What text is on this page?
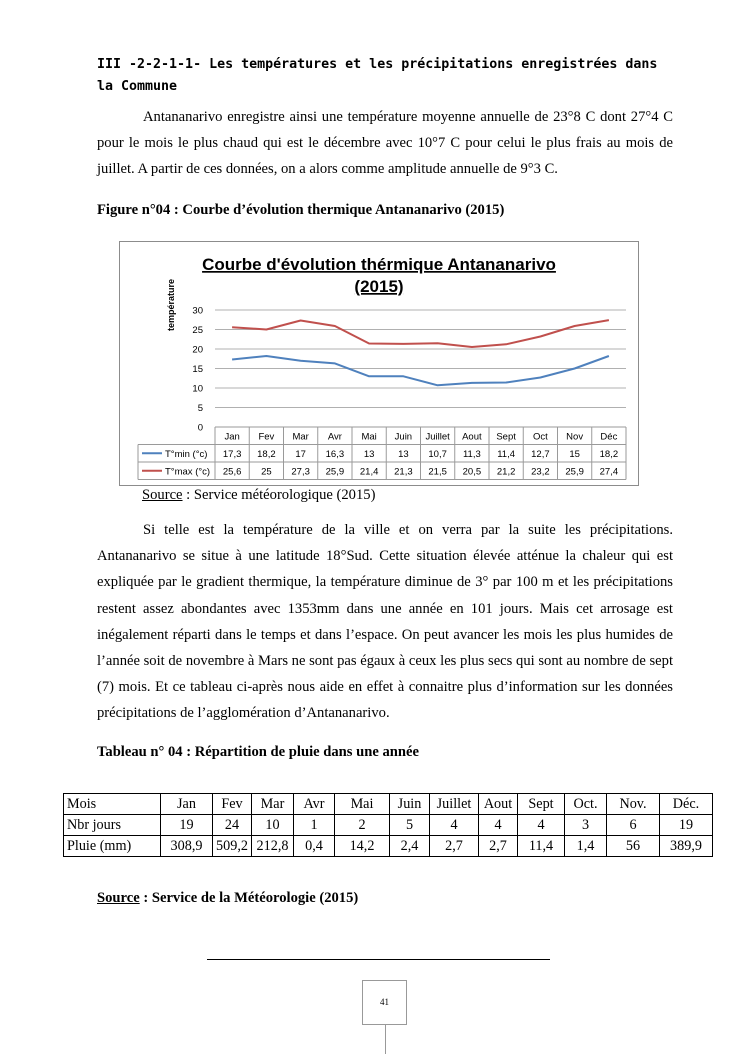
III -2-2-1-1- Les températures et les précipitations enregistrées dans la Commune
Antananarivo enregistre ainsi une température moyenne annuelle de 23°8 C dont 27°4 C pour le mois le plus chaud qui est le décembre avec 10°7 C pour celui le plus frais au mois de juillet. A partir de ces données, on a alors comme amplitude annuelle de 9°3 C.
Figure n°04 : Courbe d’évolution thermique Antananarivo (2015)
Courbe d'évolution thérmique Antananarivo
(2015)
température
0
5
10
15
20
25
30
Jan Fev Mar Avr Mai Juin Juillet Aout Sept Oct Nov Déc
T°min (°c) 17,3 18,2 17 16,3 13 13 10,7 11,3 11,4 12,7 15 18,2
T°max (°c) 25,6 25 27,3 25,9 21,4 21,3 21,5 20,5 21,2 23,2 25,9 27,4
Source : Service météorologique (2015)
Si telle est la température de la ville et on verra par la suite les précipitations. Antananarivo se situe à une latitude 18°Sud. Cette situation élevée atténue la chaleur qui est expliquée par le gradient thermique, la température diminue de 3° par 100 m et les précipitations restent assez abondantes avec 1353mm dans une année en 101 jours. Mais cet arrosage est inégalement réparti dans le temps et dans l’espace. On peut avancer les mois les plus humides de l’année soit de novembre à Mars ne sont pas égaux à ceux les plus secs qui sont au nombre de sept (7) mois. Et ce tableau ci-après nous aide en effet à connaitre plus d’information sur les données précipitations de l’agglomération d’Antananarivo.
Tableau n° 04 : Répartition de pluie dans une année
Mois	Jan	Fev	Mar	Avr	Mai	Juin	Juillet	Aout	Sept	Oct.	Nov.	Déc.
Nbr jours	19	24	10	1	2	5	4	4	4	3	6	19
Pluie (mm)	308,9	509,2	212,8	0,4	14,2	2,4	2,7	2,7	11,4	1,4	56	389,9
Source : Service de la Météorologie (2015)
41
